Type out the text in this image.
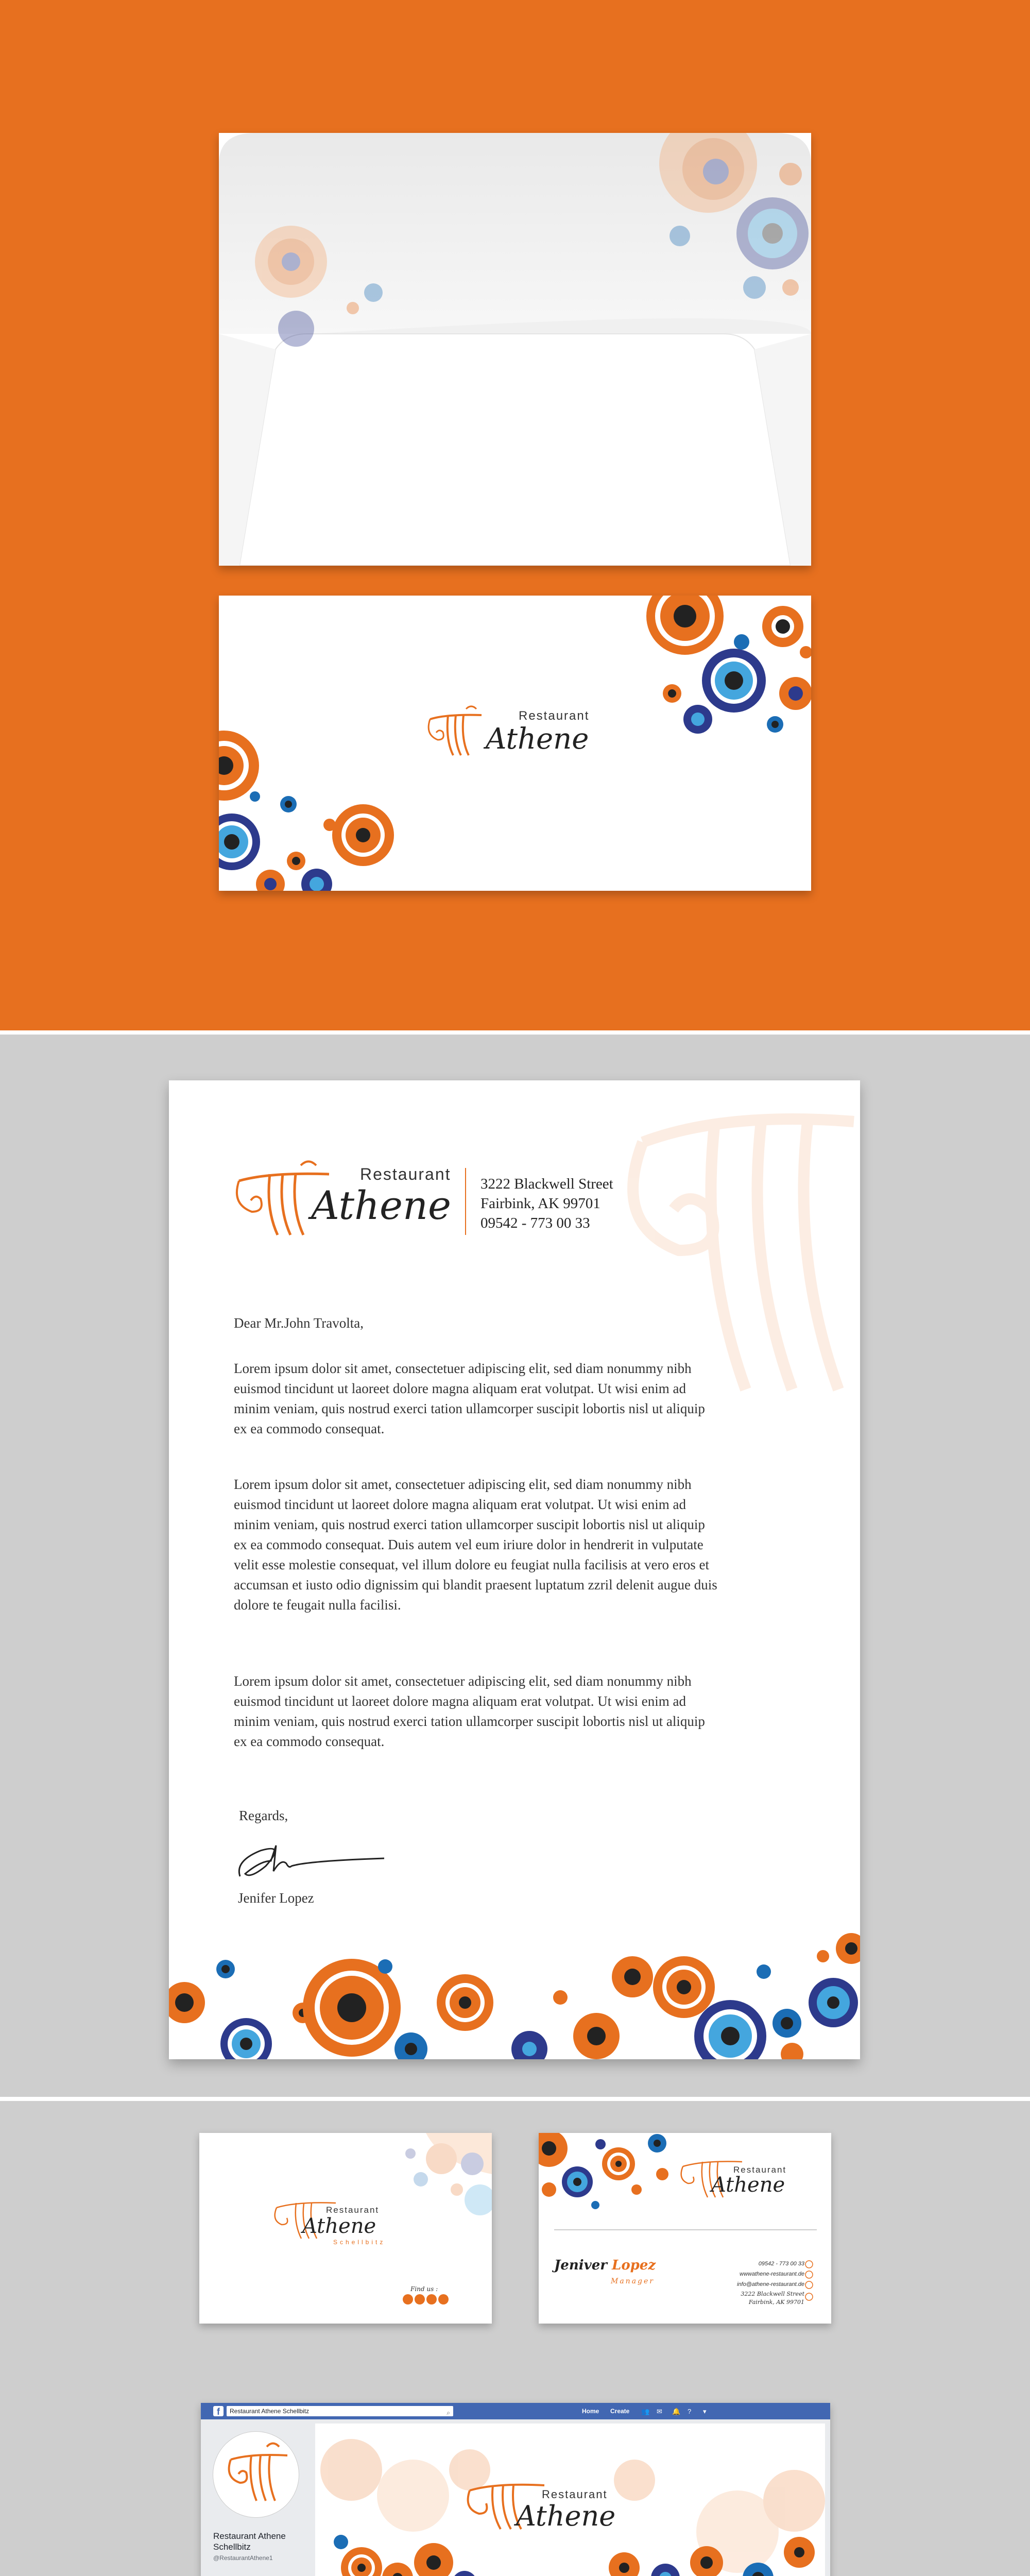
Restaurant
Athene
Restaurant
Athene 3222 Blackwell Street
Fairbink, AK 99701
09542 - 773 00 33
Dear Mr.John Travolta,
Lorem ipsum dolor sit amet, consectetuer adipiscing elit, sed diam nonummy nibh euismod tincidunt ut laoreet dolore magna aliquam erat volutpat. Ut wisi enim ad minim veniam, quis nostrud exerci tation ullamcorper suscipit lobortis nisl ut aliquip ex ea commodo consequat.
Lorem ipsum dolor sit amet, consectetuer adipiscing elit, sed diam nonummy nibh euismod tincidunt ut laoreet dolore magna aliquam erat volutpat. Ut wisi enim ad minim veniam, quis nostrud exerci tation ullamcorper suscipit lobortis nisl ut aliquip ex ea commodo consequat. Duis autem vel eum iriure dolor in hendrerit in vulputate velit esse molestie consequat, vel illum dolore eu feugiat nulla facilisis at vero eros et accumsan et iusto odio dignissim qui blandit praesent luptatum zzril delenit augue duis dolore te feugait nulla facilisi.
Lorem ipsum dolor sit amet, consectetuer adipiscing elit, sed diam nonummy nibh euismod tincidunt ut laoreet dolore magna aliquam erat volutpat. Ut wisi enim ad minim veniam, quis nostrud exerci tation ullamcorper suscipit lobortis nisl ut aliquip ex ea commodo consequat.
Regards,
Jenifer Lopez
Restaurant
Athene
Schellbitz
Find us :
Restaurant
Athene
Jeniver Lopez
Manager
09542 - 773 00 33
wwwathene-restaurant.de
info@athene-restaurant.de
3222 Blackwell Street
Fairbink, AK 99701
f	Restaurant Athene Schellbitz	⌕	Home Create 👥 ✉ 🔔 ? ▾
Restaurant Athene Schellbitz
@RestaurantAthene1
Restaurant
Athene
